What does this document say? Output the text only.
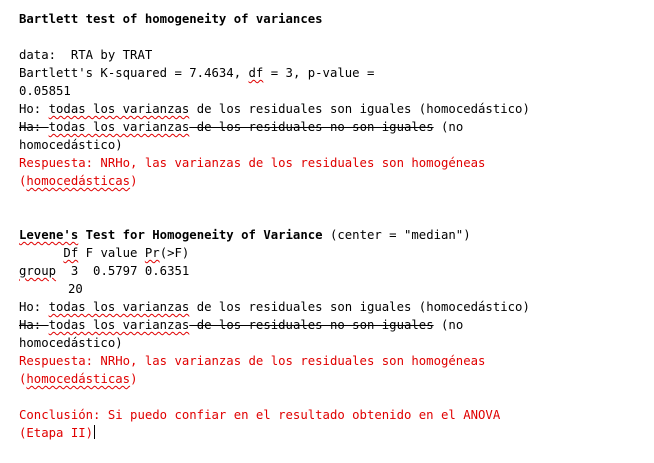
Bartlett test of homogeneity of variances
data:  RTA by TRAT
Bartlett's K-squared = 7.4634, df = 3, p-value =
0.05851
Ho: todas los varianzas de los residuales son iguales (homocedástico)
Ha: todas los varianzas de los residuales no son iguales (no
homocedástico)
Respuesta: NRHo, las varianzas de los residuales son homogéneas
(homocedásticas)
Levene's Test for Homogeneity of Variance (center = "median")
Df F value Pr(>F)
group  3  0.5797 0.6351
20
Ho: todas los varianzas de los residuales son iguales (homocedástico)
Ha: todas los varianzas de los residuales no son iguales (no
homocedástico)
Respuesta: NRHo, las varianzas de los residuales son homogéneas
(homocedásticas)
Conclusión: Si puedo confiar en el resultado obtenido en el ANOVA
(Etapa II)
